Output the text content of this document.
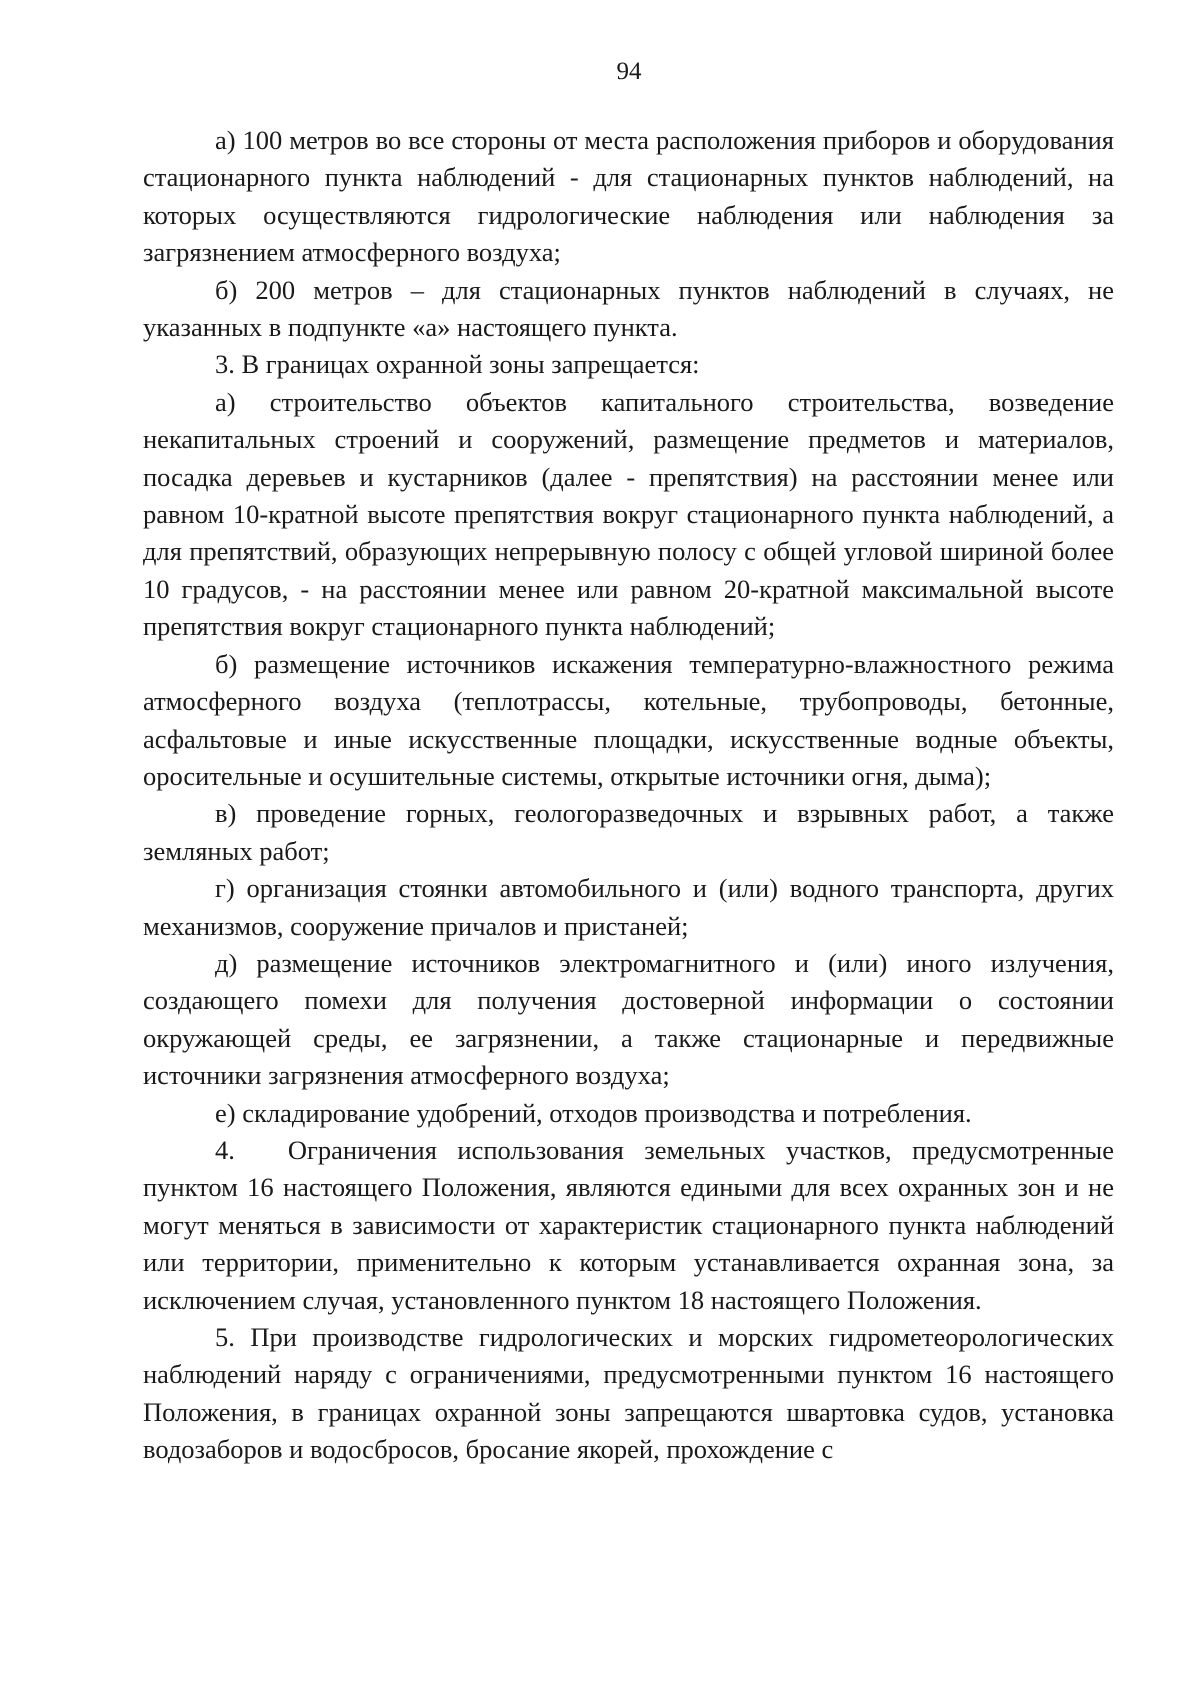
94

а) 100 метров во все стороны от места расположения приборов и оборудования стационарного пункта наблюдений - для стационарных пунктов наблюдений, на которых осуществляются гидрологические наблюдения или наблюдения за загрязнением атмосферного воздуха;

б) 200 метров – для стационарных пунктов наблюдений в случаях, не указанных в подпункте «а» настоящего пункта.

3. В границах охранной зоны запрещается:

а) строительство объектов капитального строительства, возведение некапитальных строений и сооружений, размещение предметов и материалов, посадка деревьев и кустарников (далее - препятствия) на расстоянии менее или равном 10-кратной высоте препятствия вокруг стационарного пункта наблюдений, а для препятствий, образующих непрерывную полосу с общей угловой шириной более 10 градусов, - на расстоянии менее или равном 20-кратной максимальной высоте препятствия вокруг стационарного пункта наблюдений;

б) размещение источников искажения температурно-влажностного режима атмосферного воздуха (теплотрассы, котельные, трубопроводы, бетонные, асфальтовые и иные искусственные площадки, искусственные водные объекты, оросительные и осушительные системы, открытые источники огня, дыма);

в) проведение горных, геологоразведочных и взрывных работ, а также земляных работ;

г) организация стоянки автомобильного и (или) водного транспорта, других механизмов, сооружение причалов и пристаней;

д) размещение источников электромагнитного и (или) иного излучения, создающего помехи для получения достоверной информации о состоянии окружающей среды, ее загрязнении, а также стационарные и передвижные источники загрязнения атмосферного воздуха;

е) складирование удобрений, отходов производства и потребления.

4.  Ограничения использования земельных участков, предусмотренные пунктом 16 настоящего Положения, являются едиными для всех охранных зон и не могут меняться в зависимости от характеристик стационарного пункта наблюдений или территории, применительно к которым устанавливается охранная зона, за исключением случая, установленного пунктом 18 настоящего Положения.

5. При производстве гидрологических и морских гидрометеорологических наблюдений наряду с ограничениями, предусмотренными пунктом 16 настоящего Положения, в границах охранной зоны запрещаются швартовка судов, установка водозаборов и водосбросов, бросание якорей, прохождение с
